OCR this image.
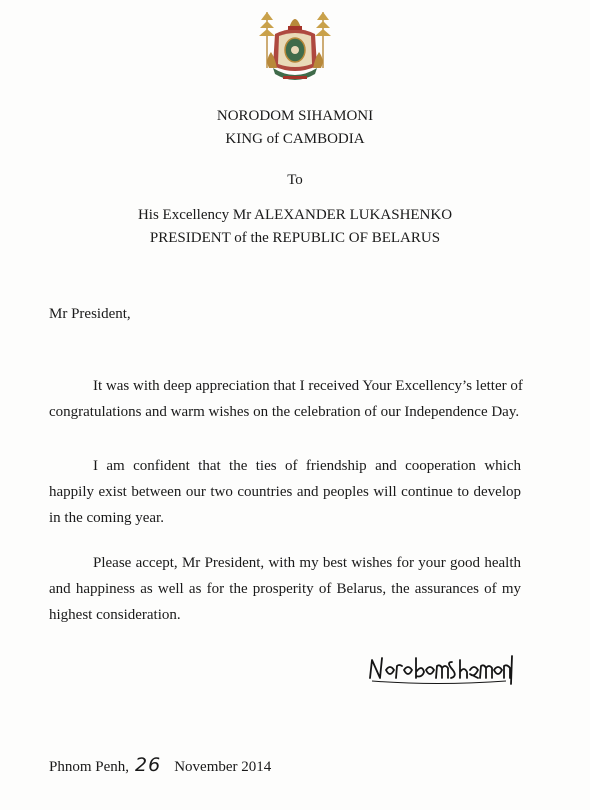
NORODOM SIHAMONI
KING of CAMBODIA
To
His Excellency Mr ALEXANDER LUKASHENKO
PRESIDENT of the REPUBLIC OF BELARUS
Mr President,
It was with deep appreciation that I received Your Excellency’s letter of
congratulations and warm wishes on the celebration of our Independence Day.
I am confident that the ties of friendship and cooperation which
happily exist between our two countries and peoples will continue to develop
in the coming year.
Please accept, Mr President, with my best wishes for your good health
and happiness as well as for the prosperity of Belarus, the assurances of my
highest consideration.
Phnom Penh, 26 November 2014
